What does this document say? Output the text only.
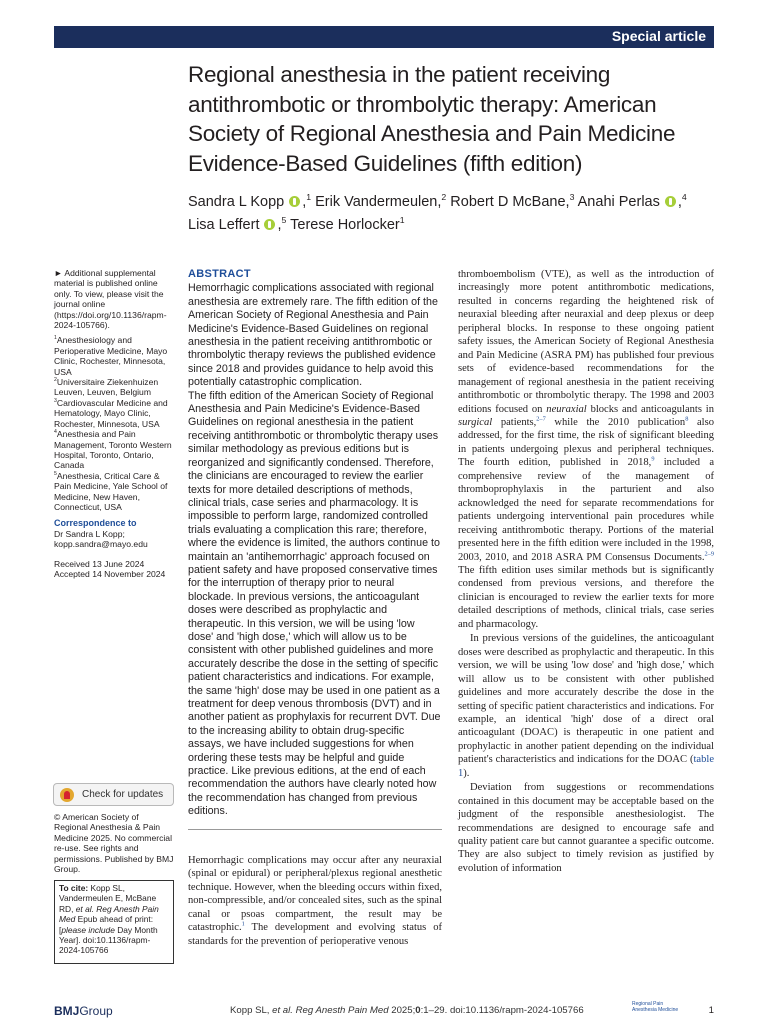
Special article
Regional anesthesia in the patient receiving antithrombotic or thrombolytic therapy: American Society of Regional Anesthesia and Pain Medicine Evidence-Based Guidelines (fifth edition)
Sandra L Kopp ,$^1$ Erik Vandermeulen,$^2$ Robert D McBane,$^3$ Anahi Perlas ,$^4$ Lisa Leffert ,$^5$ Terese Horlocker$^1$

► Additional supplemental material is published online only. To view, please visit the journal online (https://doi.org/10.1136/rapm-2024-105766).

$^1$Anesthesiology and Perioperative Medicine, Mayo Clinic, Rochester, Minnesota, USA

$^2$Universitaire Ziekenhuizen Leuven, Leuven, Belgium

$^3$Cardiovascular Medicine and Hematology, Mayo Clinic, Rochester, Minnesota, USA

$^4$Anesthesia and Pain Management, Toronto Western Hospital, Toronto, Ontario, Canada

$^5$Anesthesia, Critical Care & Pain Medicine, Yale School of Medicine, New Haven, Connecticut, USA

Correspondence to
Dr Sandra L Kopp;
kopp.sandra@mayo.edu
Received 13 June 2024
Accepted 14 November 2024
Check for updates
© American Society of Regional Anesthesia & Pain Medicine 2025. No commercial re-use. See rights and permissions. Published by BMJ Group.
To cite: Kopp SL, Vandermeulen E, McBane RD, et al. Reg Anesth Pain Med Epub ahead of print: [please include Day Month Year]. doi:10.1136/rapm-2024-105766
ABSTRACT

Hemorrhagic complications associated with regional anesthesia are extremely rare. The fifth edition of the American Society of Regional Anesthesia and Pain Medicine's Evidence-Based Guidelines on regional anesthesia in the patient receiving antithrombotic or thrombolytic therapy reviews the published evidence since 2018 and provides guidance to help avoid this potentially catastrophic complication.

The fifth edition of the American Society of Regional Anesthesia and Pain Medicine's Evidence-Based Guidelines on regional anesthesia in the patient receiving antithrombotic or thrombolytic therapy uses similar methodology as previous editions but is reorganized and significantly condensed. Therefore, the clinicians are encouraged to review the earlier texts for more detailed descriptions of methods, clinical trials, case series and pharmacology. It is impossible to perform large, randomized controlled trials evaluating a complication this rare; therefore, where the evidence is limited, the authors continue to maintain an 'antihemorrhagic' approach focused on patient safety and have proposed conservative times for the interruption of therapy prior to neural blockade. In previous versions, the anticoagulant doses were described as prophylactic and therapeutic. In this version, we will be using 'low dose' and 'high dose,' which will allow us to be consistent with other published guidelines and more accurately describe the dose in the setting of specific patient characteristics and indications. For example, the same 'high' dose may be used in one patient as a treatment for deep venous thrombosis (DVT) and in another patient as prophylaxis for recurrent DVT. Due to the increasing ability to obtain drug-specific assays, we have included suggestions for when ordering these tests may be helpful and guide practice. Like previous editions, at the end of each recommendation the authors have clearly noted how the recommendation has changed from previous editions.

Hemorrhagic complications may occur after any neuraxial (spinal or epidural) or peripheral/plexus regional anesthetic technique. However, when the bleeding occurs within fixed, non-compressible, and/or concealed sites, such as the spinal canal or psoas compartment, the result may be catastrophic.$^1$ The development and evolving status of standards for the prevention of perioperative venous

thromboembolism (VTE), as well as the introduction of increasingly more potent antithrombotic medications, resulted in concerns regarding the heightened risk of neuraxial bleeding after neuraxial and deep plexus or deep peripheral blocks. In response to these ongoing patient safety issues, the American Society of Regional Anesthesia and Pain Medicine (ASRA PM) has published four previous sets of evidence-based recommendations for the management of regional anesthesia in the patient receiving antithrombotic or thrombolytic therapy. The 1998 and 2003 editions focused on neuraxial blocks and anticoagulants in surgical patients,$^{2-7}$ while the 2010 publication$^8$ also addressed, for the first time, the risk of significant bleeding in patients undergoing plexus and peripheral techniques. The fourth edition, published in 2018,$^9$ included a comprehensive review of the management of thromboprophylaxis in the parturient and also acknowledged the need for separate recommendations for patients undergoing interventional pain procedures while receiving antithrombotic therapy. Portions of the material presented here in the fifth edition were included in the 1998, 2003, 2010, and 2018 ASRA PM Consensus Documents.$^{2-9}$ The fifth edition uses similar methods but is significantly condensed from previous versions, and therefore the clinician is encouraged to review the earlier texts for more detailed descriptions of methods, clinical trials, case series and pharmacology.

In previous versions of the guidelines, the anticoagulant doses were described as prophylactic and therapeutic. In this version, we will be using 'low dose' and 'high dose,' which will allow us to be consistent with other published guidelines and more accurately describe the dose in the setting of specific patient characteristics and indications. For example, an identical 'high' dose of a direct oral anticoagulant (DOAC) is therapeutic in one patient and prophylactic in another patient depending on the individual patient's characteristics and indications for the DOAC (table 1).

Deviation from suggestions or recommendations contained in this document may be acceptable based on the judgment of the responsible anesthesiologist. The recommendations are designed to encourage safe and quality patient care but cannot guarantee a specific outcome. They are also subject to timely revision as justified by evolution of information

BMJGroup	Kopp SL, et al. Reg Anesth Pain Med 2025;0:1–29. doi:10.1136/rapm-2024-105766
Regional Pain
Anesthesia Medicine	1
